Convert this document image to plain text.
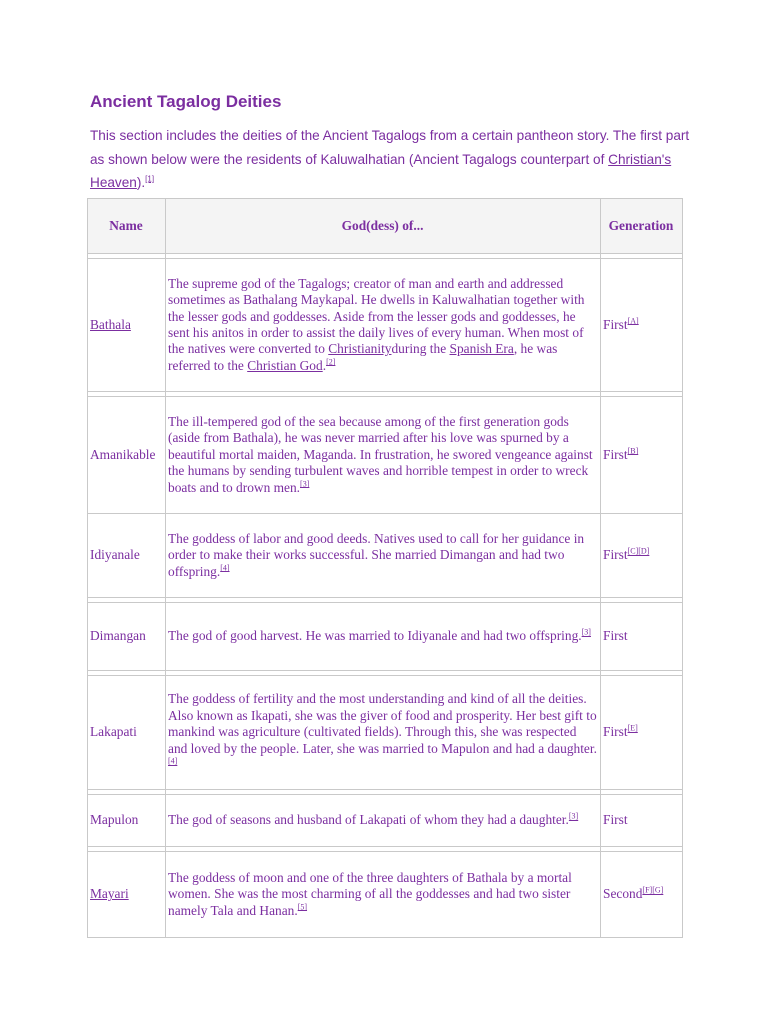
Ancient Tagalog Deities

This section includes the deities of the Ancient Tagalogs from a certain pantheon story. The first part as shown below were the residents of Kaluwalhatian (Ancient Tagalogs counterpart of Christian's Heaven).[1]

Name	God(dess) of...	Generation

Bathala	The supreme god of the Tagalogs; creator of man and earth and addressed sometimes as Bathalang Maykapal. He dwells in Kaluwalhatian together with the lesser gods and goddesses. Aside from the lesser gods and goddesses, he sent his anitos in order to assist the daily lives of every human. When most of the natives were converted to Christianityduring the Spanish Era, he was referred to the Christian God.[2]	First[A]

Amanikable	The ill-tempered god of the sea because among of the first generation gods (aside from Bathala), he was never married after his love was spurned by a beautiful mortal maiden, Maganda. In frustration, he swored vengeance against the humans by sending turbulent waves and horrible tempest in order to wreck boats and to drown men.[3]	First[B]
Idiyanale	The goddess of labor and good deeds. Natives used to call for her guidance in order to make their works successful. She married Dimangan and had two offspring.[4]	First[C][D]

Dimangan	The god of good harvest. He was married to Idiyanale and had two offspring.[3]	First

Lakapati	The goddess of fertility and the most understanding and kind of all the deities. Also known as Ikapati, she was the giver of food and prosperity. Her best gift to mankind was agriculture (cultivated fields). Through this, she was respected and loved by the people. Later, she was married to Mapulon and had a daughter.[4]	First[E]

Mapulon	The god of seasons and husband of Lakapati of whom they had a daughter.[3]	First

Mayari	The goddess of moon and one of the three daughters of Bathala by a mortal women. She was the most charming of all the goddesses and had two sister namely Tala and Hanan.[5]	Second[F][G]
